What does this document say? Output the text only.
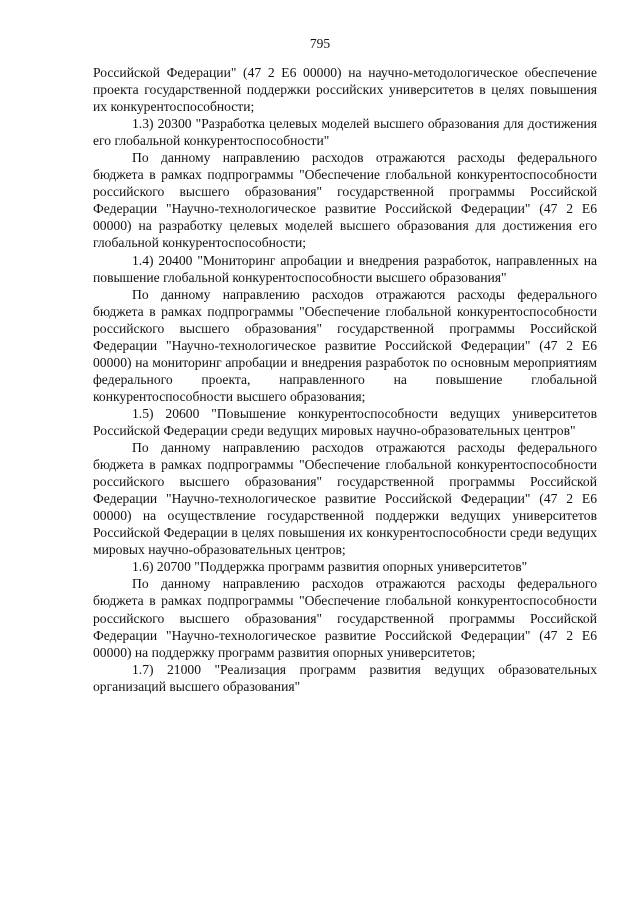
795

Российской Федерации" (47 2 Е6 00000) на научно-методологическое обеспечение проекта государственной поддержки российских университетов в целях повышения их конкурентоспособности;

1.3) 20300 "Разработка целевых моделей высшего образования для достижения его глобальной конкурентоспособности"

По данному направлению расходов отражаются расходы федерального бюджета в рамках подпрограммы "Обеспечение глобальной конкурентоспособности российского высшего образования" государственной программы Российской Федерации "Научно-технологическое развитие Российской Федерации" (47 2 Е6 00000) на разработку целевых моделей высшего образования для достижения его глобальной конкурентоспособности;

1.4) 20400 "Мониторинг апробации и внедрения разработок, направленных на повышение глобальной конкурентоспособности высшего образования"

По данному направлению расходов отражаются расходы федерального бюджета в рамках подпрограммы "Обеспечение глобальной конкурентоспособности российского высшего образования" государственной программы Российской Федерации "Научно-технологическое развитие Российской Федерации" (47 2 Е6 00000) на мониторинг апробации и внедрения разработок по основным мероприятиям федерального проекта, направленного на повышение глобальной конкурентоспособности высшего образования;

1.5) 20600 "Повышение конкурентоспособности ведущих университетов Российской Федерации среди ведущих мировых научно-образовательных центров"

По данному направлению расходов отражаются расходы федерального бюджета в рамках подпрограммы "Обеспечение глобальной конкурентоспособности российского высшего образования" государственной программы Российской Федерации "Научно-технологическое развитие Российской Федерации" (47 2 Е6 00000) на осуществление государственной поддержки ведущих университетов Российской Федерации в целях повышения их конкурентоспособности среди ведущих мировых научно-образовательных центров;

1.6) 20700 "Поддержка программ развития опорных университетов"

По данному направлению расходов отражаются расходы федерального бюджета в рамках подпрограммы "Обеспечение глобальной конкурентоспособности российского высшего образования" государственной программы Российской Федерации "Научно-технологическое развитие Российской Федерации" (47 2 Е6 00000) на поддержку программ развития опорных университетов;

1.7) 21000 "Реализация программ развития ведущих образовательных организаций высшего образования"
